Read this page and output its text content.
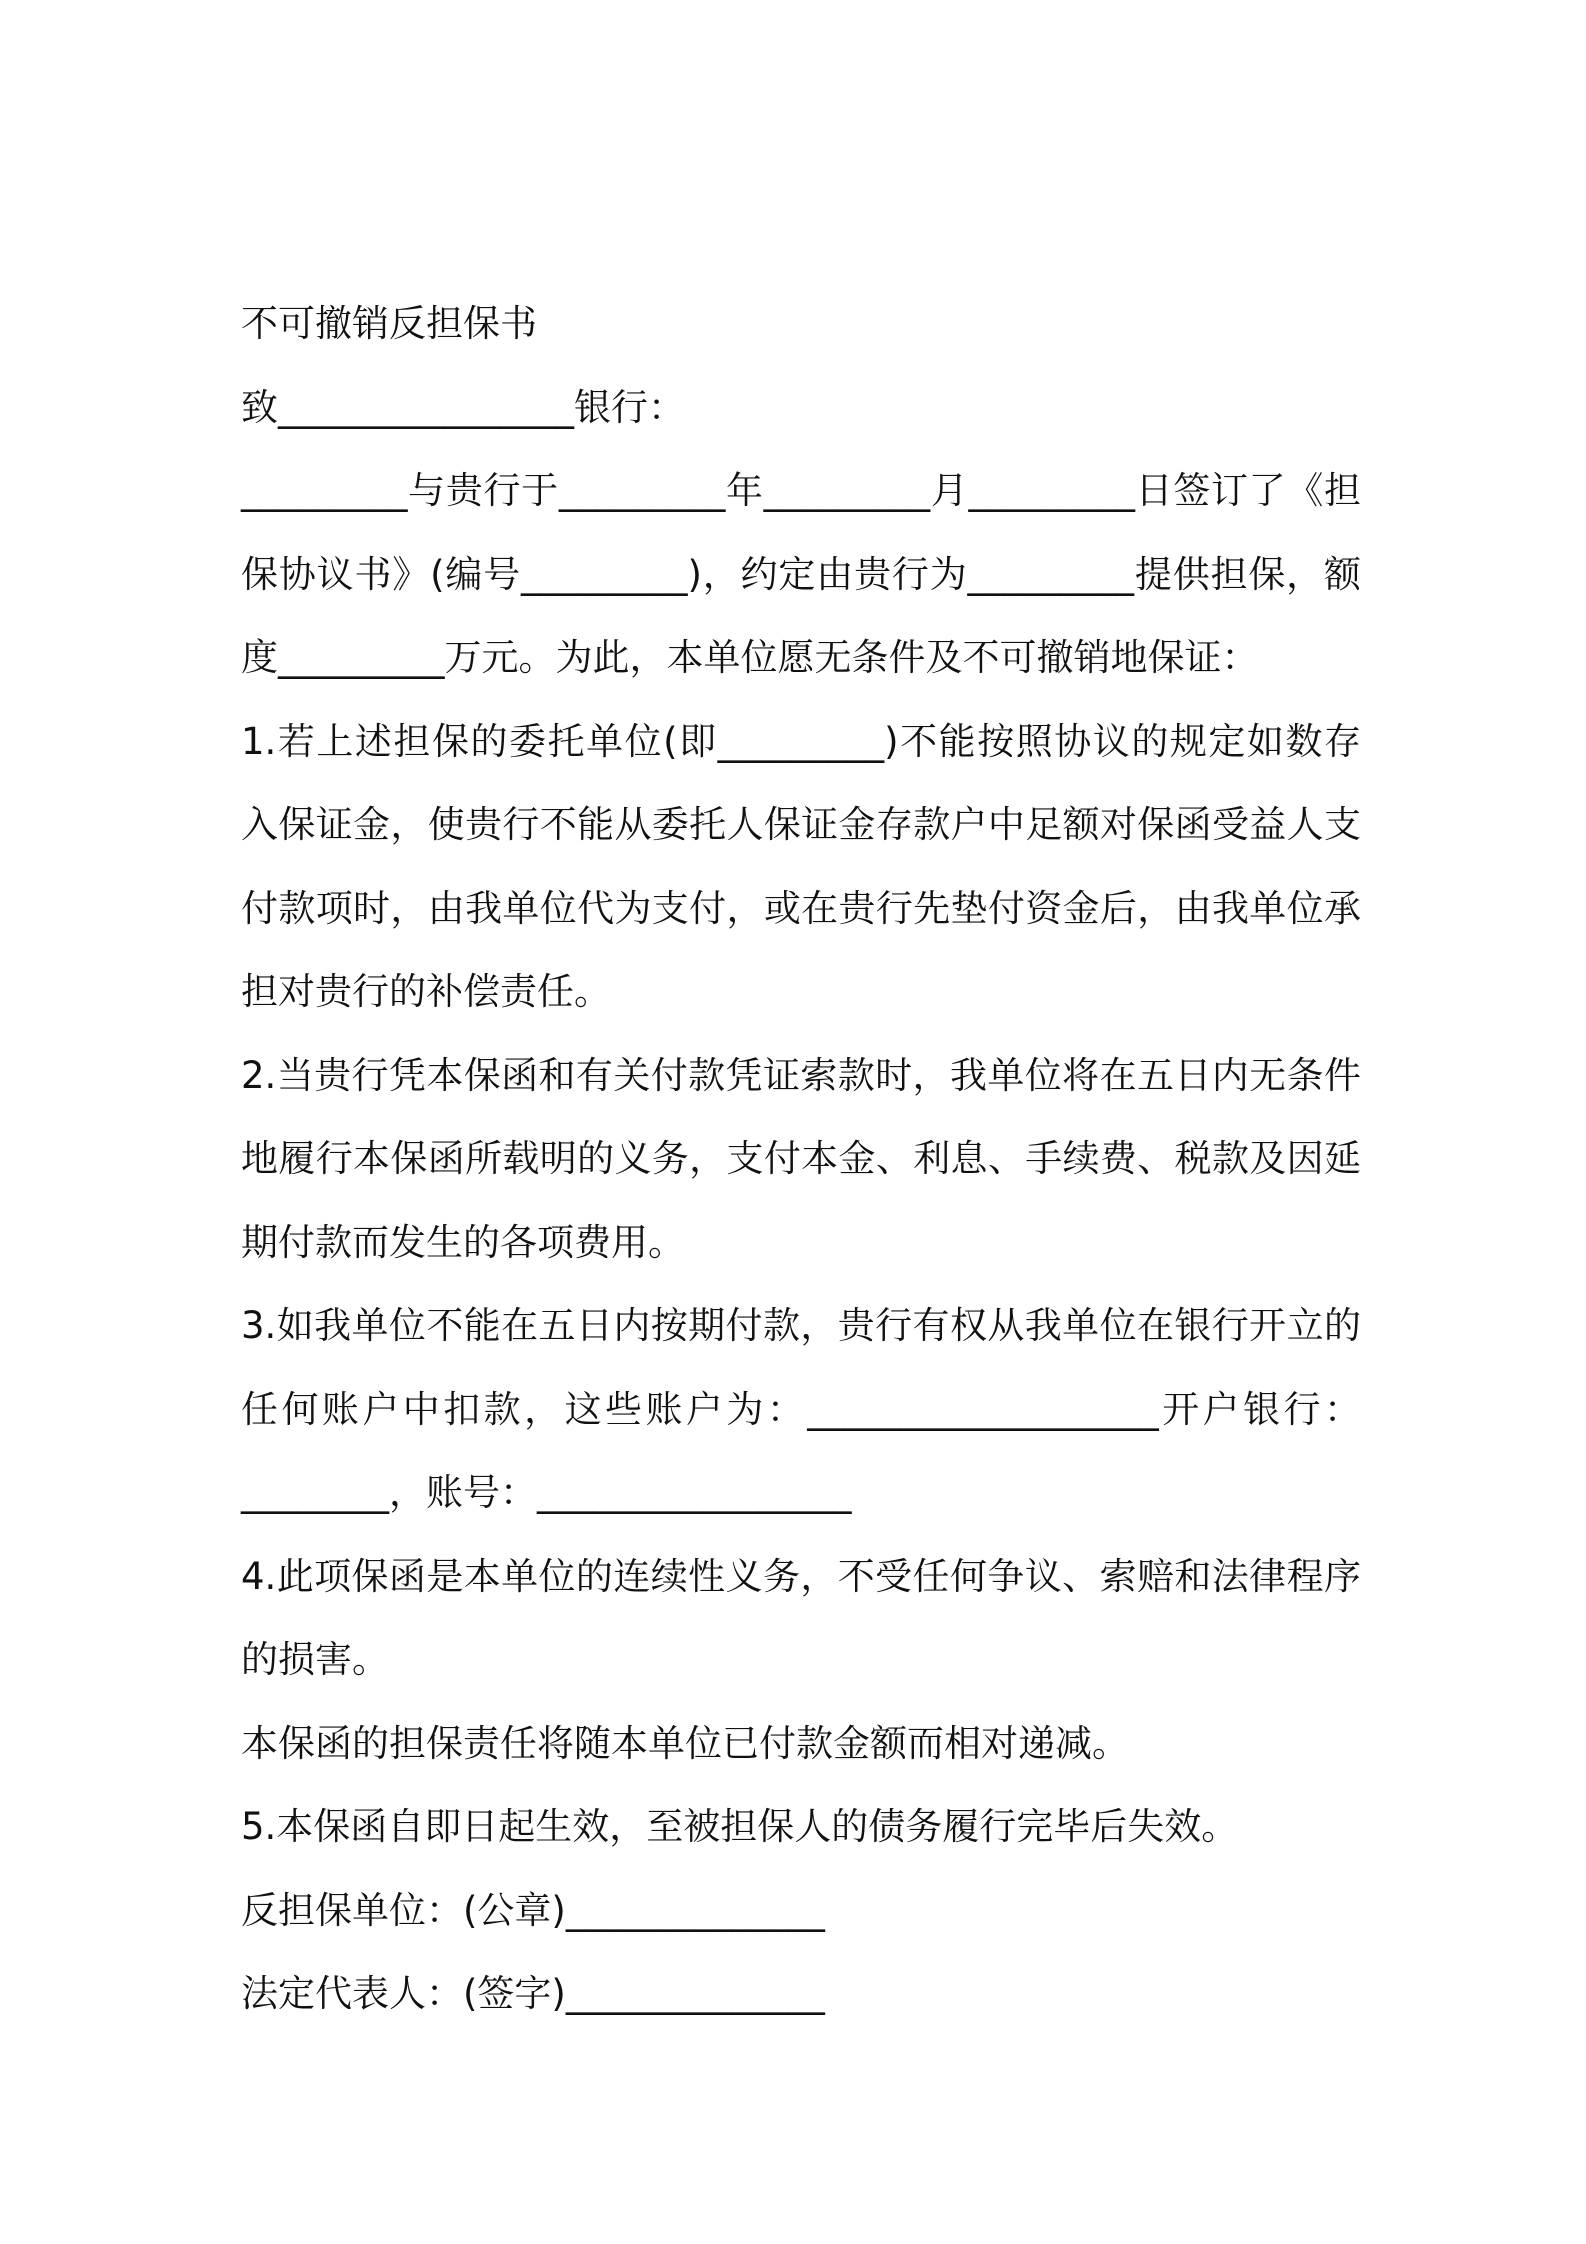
不可撤销反担保书
致________________银行：
_________与贵行于_________年_________月_________日签订了《担
保协议书》(编号_________)，约定由贵行为_________提供担保，额
度_________万元。为此，本单位愿无条件及不可撤销地保证：
1.若上述担保的委托单位(即_________)不能按照协议的规定如数存
入保证金，使贵行不能从委托人保证金存款户中足额对保函受益人支
付款项时，由我单位代为支付，或在贵行先垫付资金后，由我单位承
担对贵行的补偿责任。
2.当贵行凭本保函和有关付款凭证索款时，我单位将在五日内无条件
地履行本保函所载明的义务，支付本金、利息、手续费、税款及因延
期付款而发生的各项费用。
3.如我单位不能在五日内按期付款，贵行有权从我单位在银行开立的
任何账户中扣款，这些账户为：___________________开户银行：
________，账号：_________________
4.此项保函是本单位的连续性义务，不受任何争议、索赔和法律程序
的损害。
本保函的担保责任将随本单位已付款金额而相对递减。
5.本保函自即日起生效，至被担保人的债务履行完毕后失效。
反担保单位：(公章)______________
法定代表人：(签字)______________
